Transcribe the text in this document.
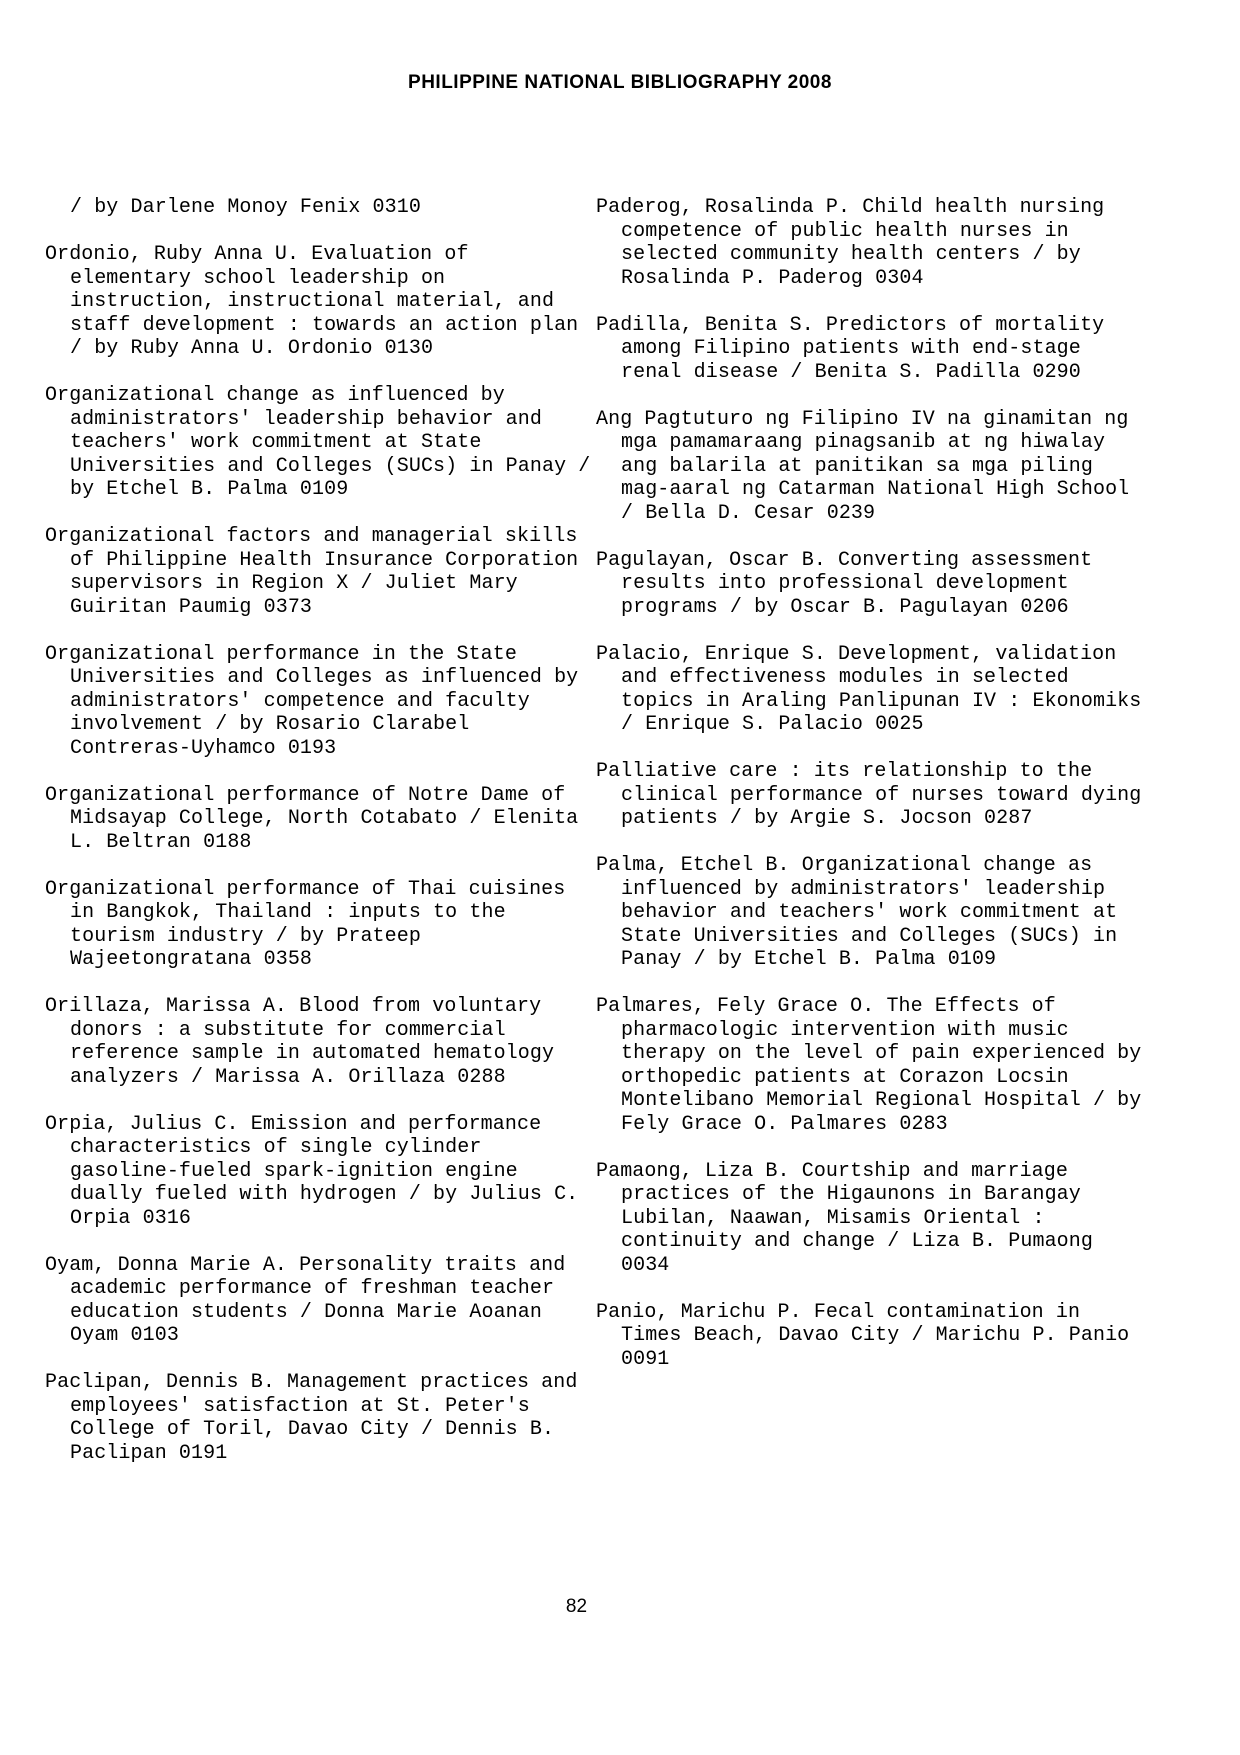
PHILIPPINE NATIONAL BIBLIOGRAPHY 2008

/ by Darlene Monoy Fenix 0310

Ordonio, Ruby Anna U. Evaluation of elementary school leadership on instruction, instructional material, and staff development : towards an action plan / by Ruby Anna U. Ordonio 0130

Organizational change as influenced by administrators' leadership behavior and teachers' work commitment at State Universities and Colleges (SUCs) in Panay / by Etchel B. Palma 0109

Organizational factors and managerial skills of Philippine Health Insurance Corporation supervisors in Region X / Juliet Mary Guiritan Paumig 0373

Organizational performance in the State Universities and Colleges as influenced by administrators' competence and faculty involvement / by Rosario Clarabel Contreras-Uyhamco 0193

Organizational performance of Notre Dame of Midsayap College, North Cotabato / Elenita L. Beltran 0188

Organizational performance of Thai cuisines in Bangkok, Thailand : inputs to the tourism industry / by Prateep Wajeetongratana 0358

Orillaza, Marissa A. Blood from voluntary donors : a substitute for commercial reference sample in automated hematology analyzers / Marissa A. Orillaza 0288

Orpia, Julius C. Emission and performance characteristics of single cylinder gasoline-fueled spark-ignition engine dually fueled with hydrogen / by Julius C. Orpia 0316

Oyam, Donna Marie A. Personality traits and academic performance of freshman teacher education students / Donna Marie Aoanan Oyam 0103

Paclipan, Dennis B. Management practices and employees' satisfaction at St. Peter's College of Toril, Davao City / Dennis B. Paclipan 0191

Paderog, Rosalinda P. Child health nursing competence of public health nurses in selected community health centers / by Rosalinda P. Paderog 0304

Padilla, Benita S. Predictors of mortality among Filipino patients with end-stage renal disease / Benita S. Padilla 0290

Ang Pagtuturo ng Filipino IV na ginamitan ng mga pamamaraang pinagsanib at ng hiwalay ang balarila at panitikan sa mga piling mag-aaral ng Catarman National High School / Bella D. Cesar 0239

Pagulayan, Oscar B. Converting assessment results into professional development programs / by Oscar B. Pagulayan 0206

Palacio, Enrique S. Development, validation and effectiveness modules in selected topics in Araling Panlipunan IV : Ekonomiks / Enrique S. Palacio 0025

Palliative care : its relationship to the clinical performance of nurses toward dying patients / by Argie S. Jocson 0287

Palma, Etchel B. Organizational change as influenced by administrators' leadership behavior and teachers' work commitment at State Universities and Colleges (SUCs) in Panay / by Etchel B. Palma 0109

Palmares, Fely Grace O. The Effects of pharmacologic intervention with music therapy on the level of pain experienced by orthopedic patients at Corazon Locsin Montelibano Memorial Regional Hospital / by Fely Grace O. Palmares 0283

Pamaong, Liza B. Courtship and marriage practices of the Higaunons in Barangay Lubilan, Naawan, Misamis Oriental : continuity and change / Liza B. Pumaong 0034

Panio, Marichu P. Fecal contamination in Times Beach, Davao City / Marichu P. Panio 0091

82
